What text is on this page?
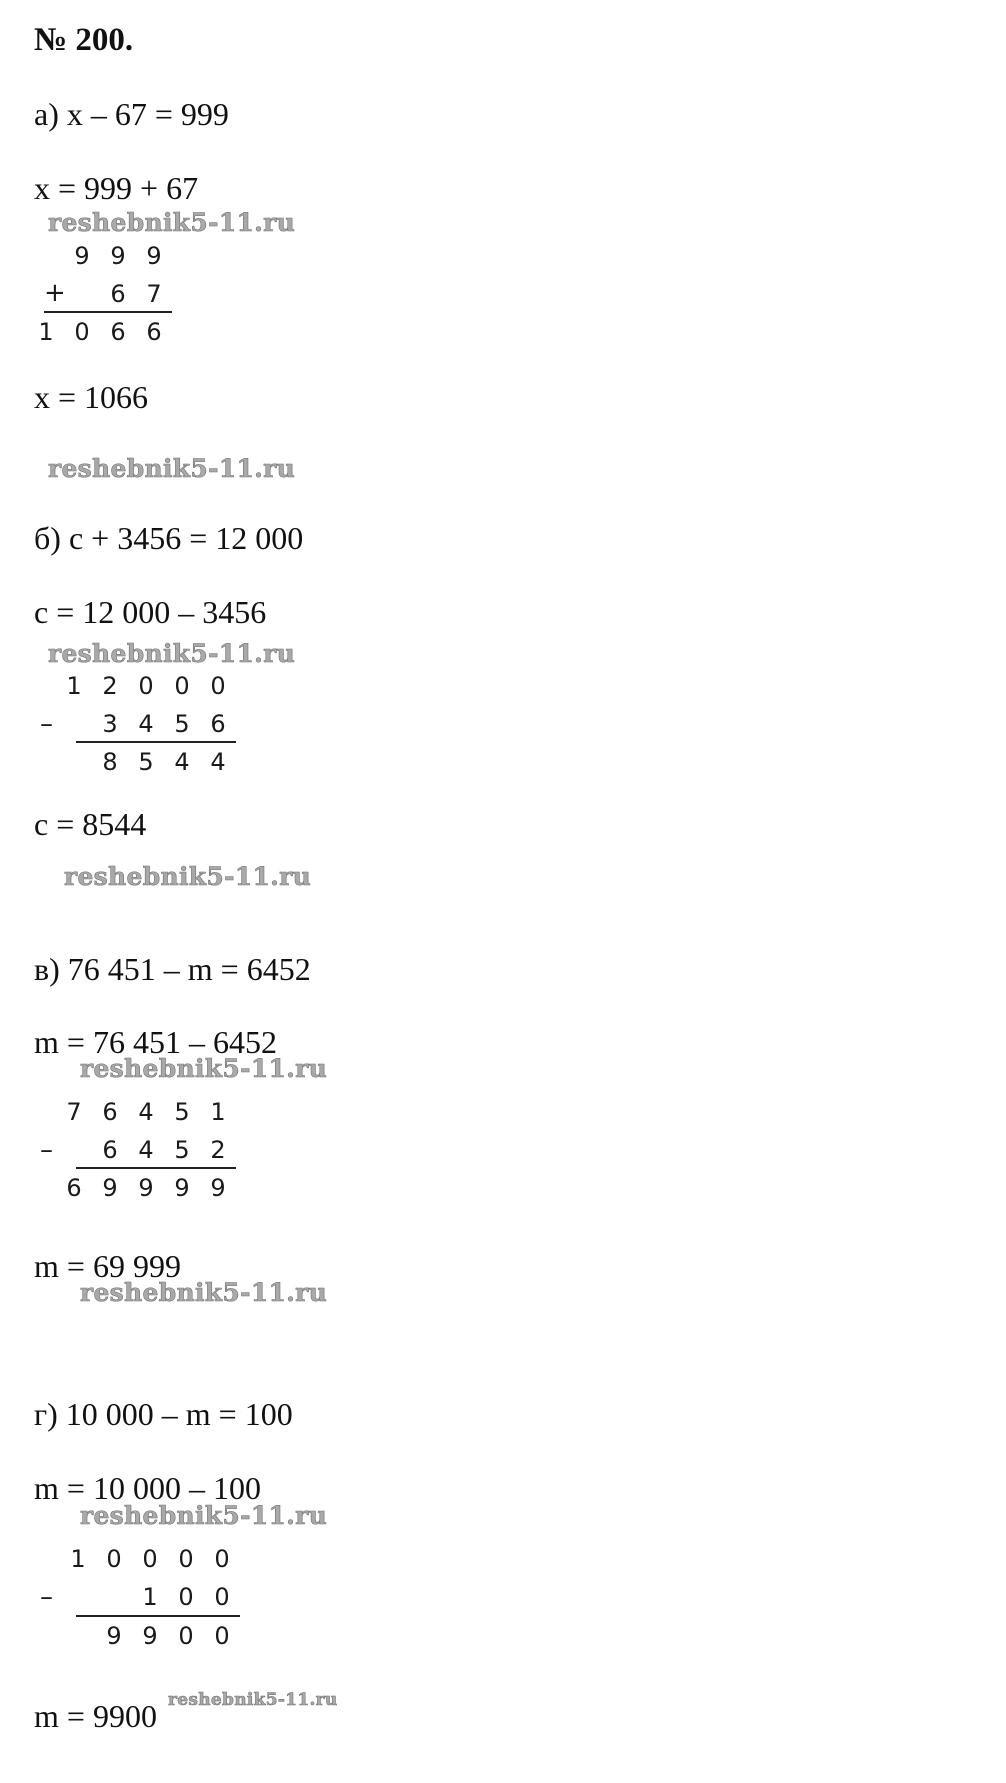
№ 200.
а) x – 67 = 999
x = 999 + 67
reshebnik5-11.ru
9 9 9
+	6 7
1 0 6 6
x = 1066
reshebnik5-11.ru
б) c + 3456 = 12 000
c = 12 000 – 3456
reshebnik5-11.ru
1 2 0 0 0
–	3 4 5 6
8 5 4 4
c = 8544
reshebnik5-11.ru
в) 76 451 – m = 6452
m = 76 451 – 6452
reshebnik5-11.ru
7 6 4 5 1
–	6 4 5 2
6 9 9 9 9
m = 69 999
reshebnik5-11.ru
г) 10 000 – m = 100
m = 10 000 – 100
reshebnik5-11.ru
1 0 0 0 0
–	1 0 0
9 9 0 0
m = 9900 reshebnik5-11.ru
